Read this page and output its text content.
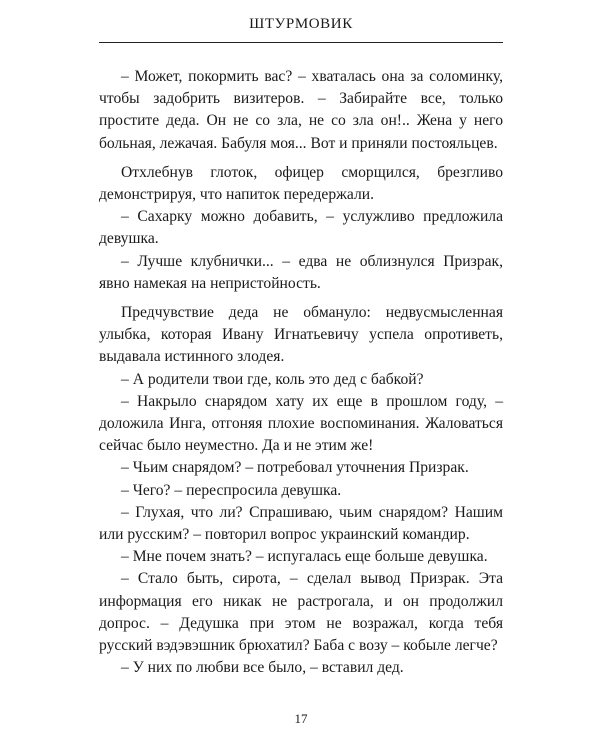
ШТУРМОВИК

– Может, покормить вас? – хваталась она за соломинку, чтобы задобрить визитеров. – Забирайте все, только простите деда. Он не со зла, не со зла он!.. Жена у него больная, лежачая. Бабуля моя... Вот и приняли постояльцев.

Отхлебнув глоток, офицер сморщился, брезгливо демонстрируя, что напиток передержали.

– Сахарку можно добавить, – услужливо предложила девушка.

– Лучше клубнички... – едва не облизнулся Призрак, явно намекая на непристойность.

Предчувствие деда не обмануло: недвусмысленная улыбка, которая Ивану Игнатьевичу успела опротиветь, выдавала истинного злодея.

– А родители твои где, коль это дед с бабкой?

– Накрыло снарядом хату их еще в прошлом году, – доложила Инга, отгоняя плохие воспоминания. Жаловаться сейчас было неуместно. Да и не этим же!

– Чьим снарядом? – потребовал уточнения Призрак.

– Чего? – переспросила девушка.

– Глухая, что ли? Спрашиваю, чьим снарядом? Нашим или русским? – повторил вопрос украинский командир.

– Мне почем знать? – испугалась еще больше девушка.

– Стало быть, сирота, – сделал вывод Призрак. Эта информация его никак не растрогала, и он продолжил допрос. – Дедушка при этом не возражал, когда тебя русский вэдэвэшник брюхатил? Баба с возу – кобыле легче?

– У них по любви все было, – вставил дед.

17
